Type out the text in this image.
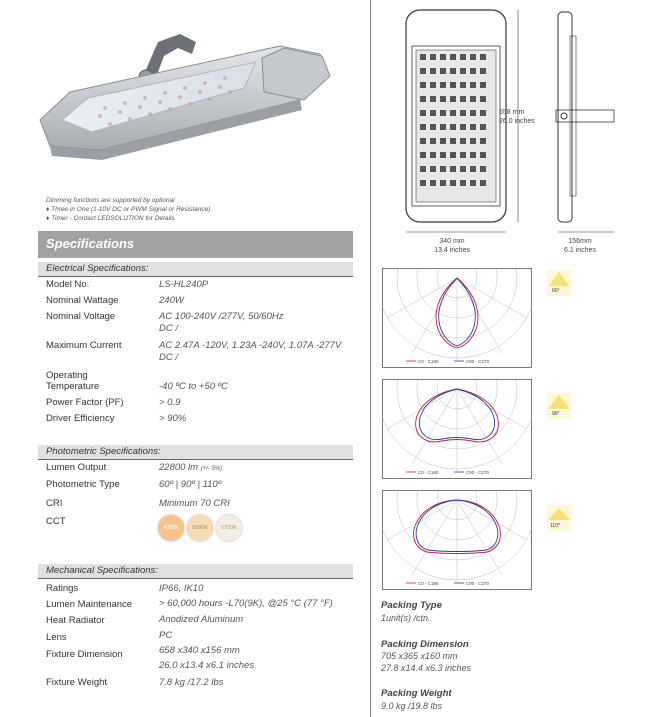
Dimming functions are supported by optional
♦ Three in One (1-10V DC or PWM Signal or Resistance)
♦ Timer - Contact LEDSOLUTION for Details
Specifications
Electrical Specifications:
Model No.	LS-HL240P
Nominal Wattage	240W
Nominal Voltage	AC 100-240V /277V, 50/60Hz
DC /
Maximum Current	AC 2.47A -120V, 1.23A -240V, 1.07A -277V
DC /
Operating
Temperature	-40 ºC to +50 ºC
Power Factor (PF)	> 0.9
Driver Efficiency	> 90%
Photometric Specifications:
Lumen Output	22800 lm (+/- 5%)
Photometric Type	60º | 90º | 110º
CRI	Minimum 70 CRI
CCT
4000K	5000K	5700K
Mechanical Specifications:
Ratings	IP66, IK10
Lumen Maintenance	> 60,000 hours -L70(9K), @25 °C (77 °F)
Heat Radiator	Anodized Aluminum
Lens	PC
Fixture Dimension	658 x340 x156 mm
26.0 x13.4 x6.1 inches
Fixture Weight	7.8 kg /17.2 lbs
658 mm
26.0 inches
340 mm
13.4 inches
156mm
6.1 inches
C0 - C180	C90 - C270
60°
C0 - C180	C90 - C270
90°
C0 - C180	C90 - C270
110°
Packing Type
1unit(s) /ctn.
Packing Dimension
705 x365 x160 mm
27.8 x14.4 x6.3 inches
Packing Weight
9.0 kg /19.8 lbs
